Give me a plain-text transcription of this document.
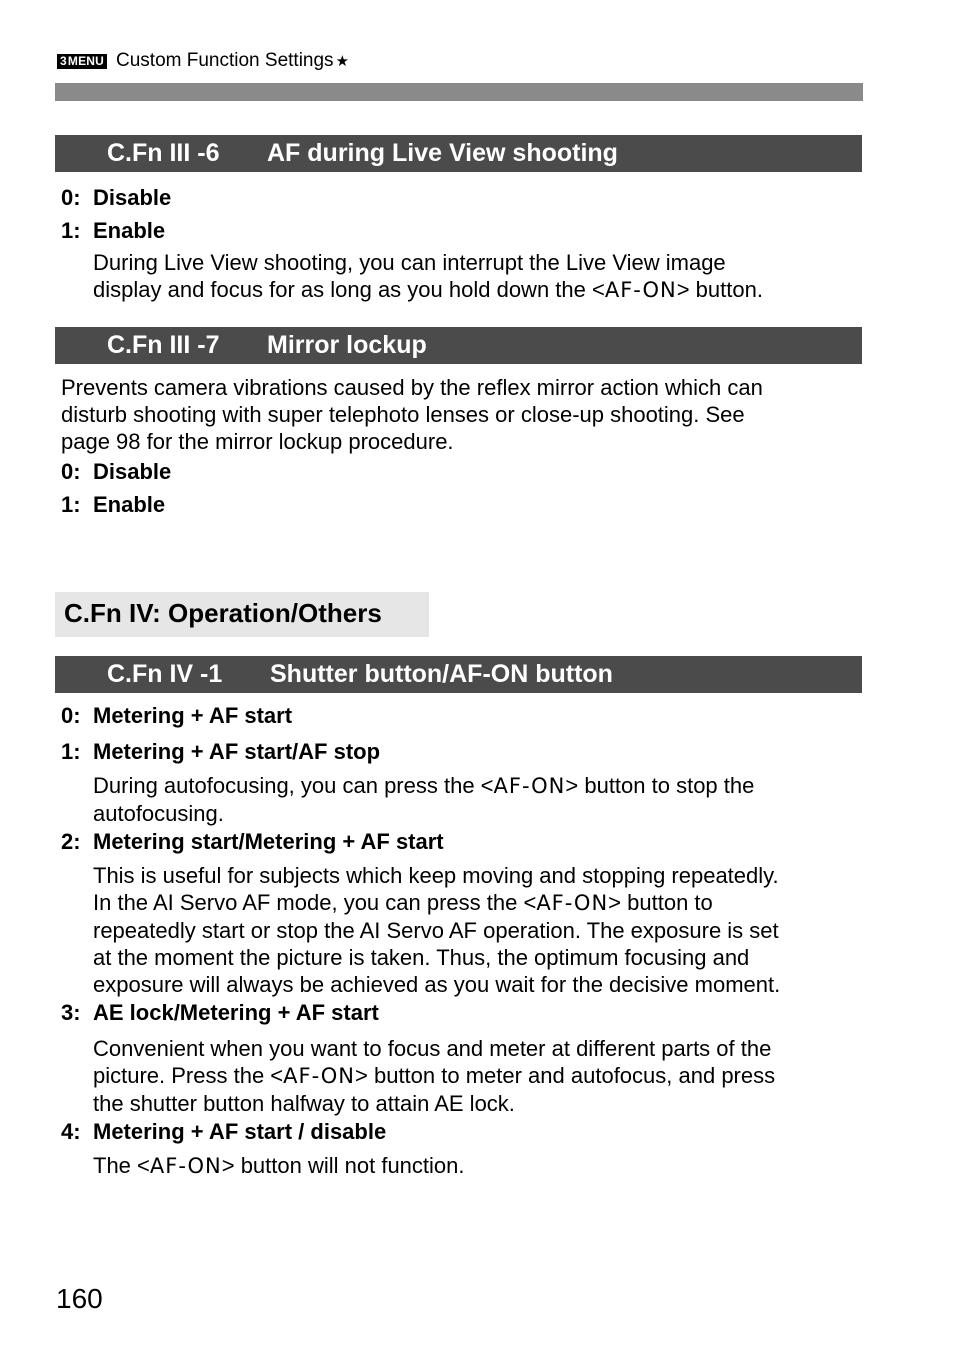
3MENU Custom Function Settings ★
C.Fn III -6 AF during Live View shooting
0: Disable
1: Enable
During Live View shooting, you can interrupt the Live View image
display and focus for as long as you hold down the <AF-ON> button.
C.Fn III -7 Mirror lockup
Prevents camera vibrations caused by the reflex mirror action which can
disturb shooting with super telephoto lenses or close-up shooting. See
page 98 for the mirror lockup procedure.
0: Disable
1: Enable
C.Fn IV: Operation/Others
C.Fn IV -1 Shutter button/AF-ON button
0: Metering + AF start
1: Metering + AF start/AF stop
During autofocusing, you can press the <AF-ON> button to stop the
autofocusing.
2: Metering start/Metering + AF start
This is useful for subjects which keep moving and stopping repeatedly.
In the AI Servo AF mode, you can press the <AF-ON> button to
repeatedly start or stop the AI Servo AF operation. The exposure is set
at the moment the picture is taken. Thus, the optimum focusing and
exposure will always be achieved as you wait for the decisive moment.
3: AE lock/Metering + AF start
Convenient when you want to focus and meter at different parts of the
picture. Press the <AF-ON> button to meter and autofocus, and press
the shutter button halfway to attain AE lock.
4: Metering + AF start / disable
The <AF-ON> button will not function.
160
